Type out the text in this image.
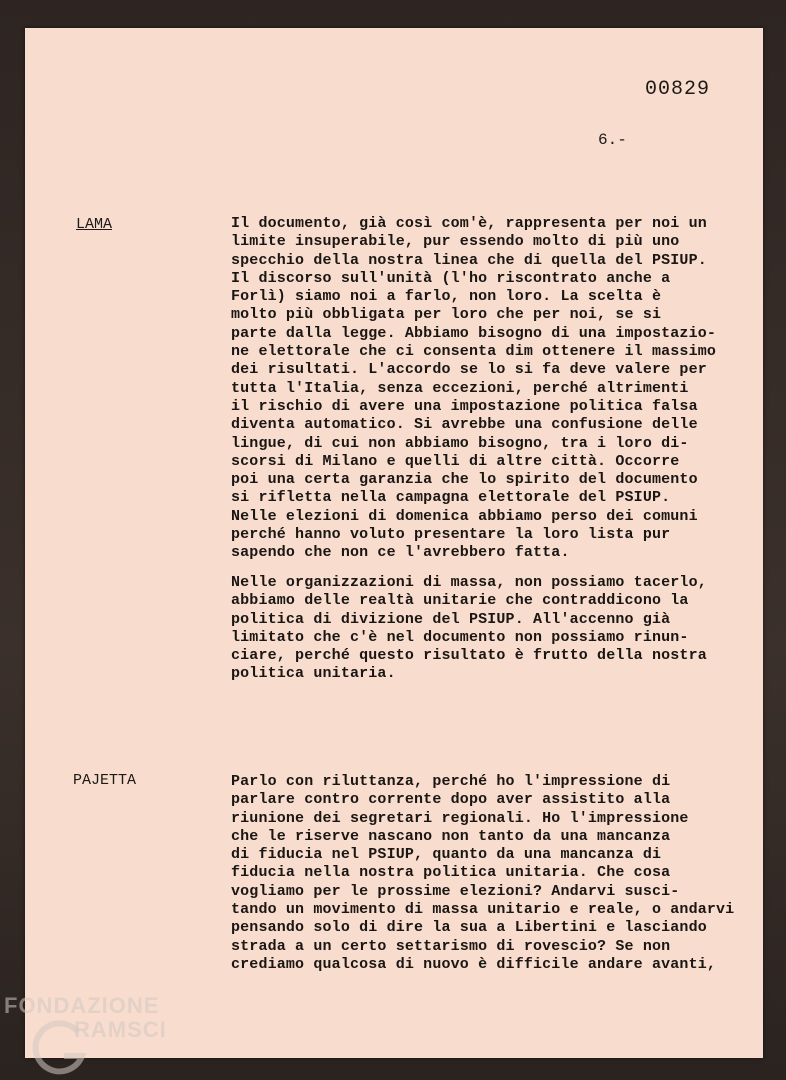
00829
6.-
LAMA	Il documento, già così com'è, rappresenta per noi un
limite insuperabile, pur essendo molto di più uno
specchio della nostra linea che di quella del PSIUP.
Il discorso sull'unità (l'ho riscontrato anche a
Forlì) siamo noi a farlo, non loro. La scelta è
molto più obbligata per loro che per noi, se si
parte dalla legge. Abbiamo bisogno di una impostazio-
ne elettorale che ci consenta dim ottenere il massimo
dei risultati. L'accordo se lo si fa deve valere per
tutta l'Italia, senza eccezioni, perché altrimenti
il rischio di avere una impostazione politica falsa
diventa automatico. Si avrebbe una confusione delle
lingue, di cui non abbiamo bisogno, tra i loro di-
scorsi di Milano e quelli di altre città. Occorre
poi una certa garanzia che lo spirito del documento
si rifletta nella campagna elettorale del PSIUP.
Nelle elezioni di domenica abbiamo perso dei comuni
perché hanno voluto presentare la loro lista pur
sapendo che non ce l'avrebbero fatta.
Nelle organizzazioni di massa, non possiamo tacerlo,
abbiamo delle realtà unitarie che contraddicono la
politica di divizione del PSIUP. All'accenno già
limitato che c'è nel documento non possiamo rinun-
ciare, perché questo risultato è frutto della nostra
politica unitaria.
PAJETTA	Parlo con riluttanza, perché ho l'impressione di
parlare contro corrente dopo aver assistito alla
riunione dei segretari regionali. Ho l'impressione
che le riserve nascano non tanto da una mancanza
di fiducia nel PSIUP, quanto da una mancanza di
fiducia nella nostra politica unitaria. Che cosa
vogliamo per le prossime elezioni? Andarvi susci-
tando un movimento di massa unitario e reale, o andarvi
pensando solo di dire la sua a Libertini e lasciando
strada a un certo settarismo di rovescio? Se non
crediamo qualcosa di nuovo è difficile andare avanti,
FONDAZIONE
RAMSCI
